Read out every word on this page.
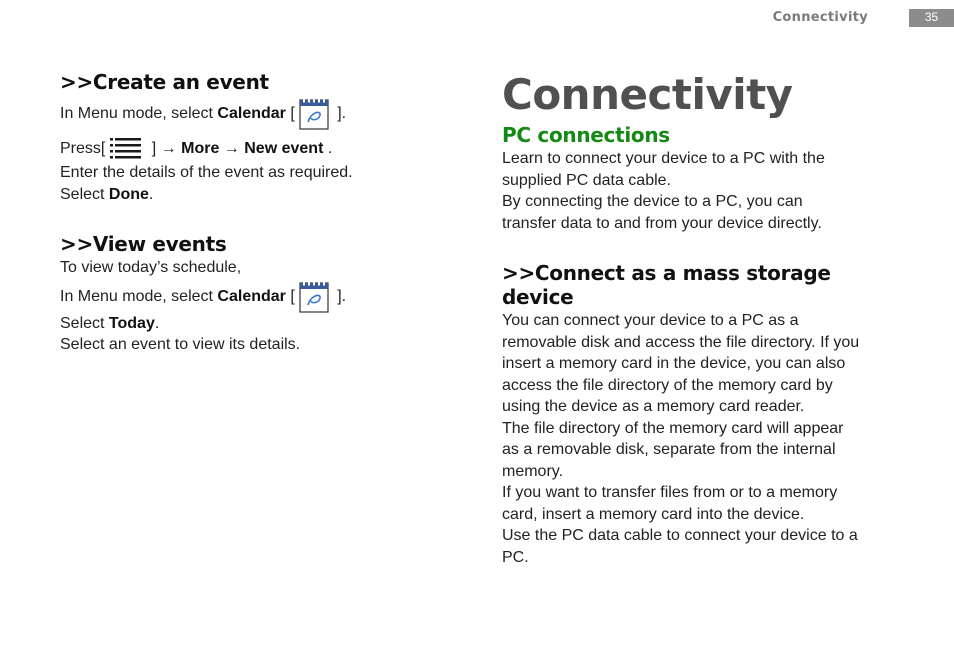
Connectivity	35
>>Create an event

In Menu mode, select Calendar [ ].

Press[	] → More → New event .

Enter the details of the event as required.

Select Done.

>>View events

To view today’s schedule,

In Menu mode, select Calendar [ ].

Select Today.

Select an event to view its details.

Connectivity
PC connections

Learn to connect your device to a PC with the

supplied PC data cable.

By connecting the device to a PC, you can

transfer data to and from your device directly.

>>Connect as a mass storage device

You can connect your device to a PC as a

removable disk and access the file directory. If you

insert a memory card in the device, you can also

access the file directory of the memory card by

using the device as a memory card reader.

The file directory of the memory card will appear

as a removable disk, separate from the internal

memory.

If you want to transfer files from or to a memory

card, insert a memory card into the device.

Use the PC data cable to connect your device to a

PC.
